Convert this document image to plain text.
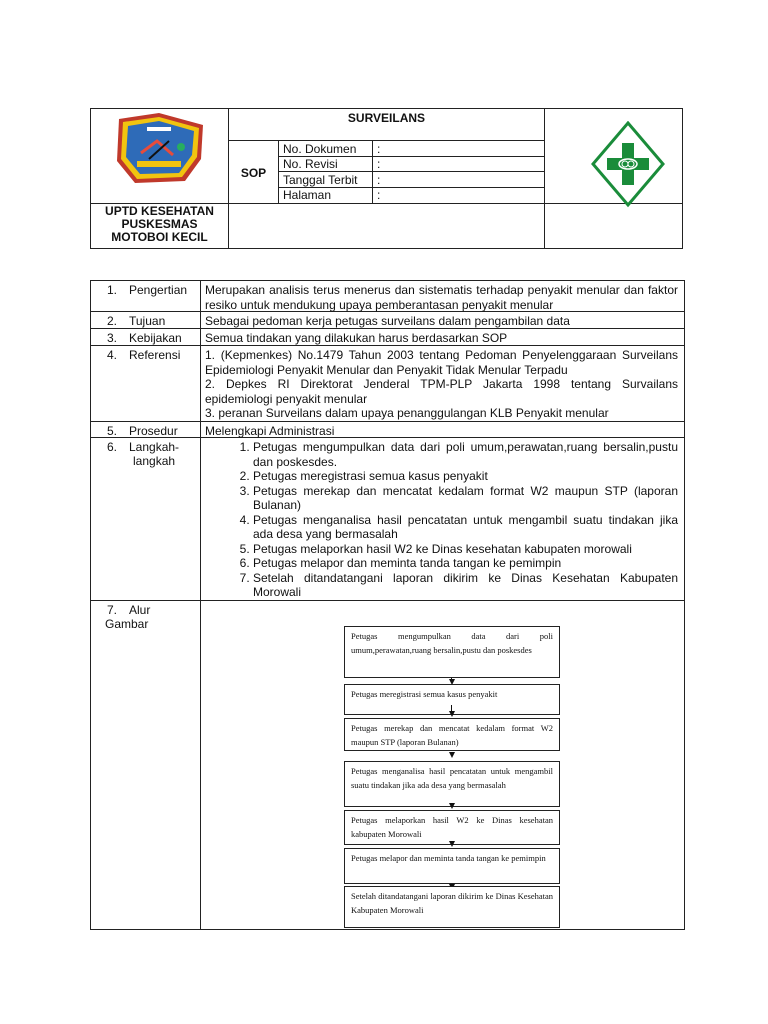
UPTD KESEHATAN
PUSKESMAS
MOTOBOI KECIL
SURVEILANS
SOP
No. Dokumen :
No. Revisi	:
Tanggal Terbit :
Halaman	:
1. Pengertian	Merupakan analisis terus menerus dan sistematis terhadap penyakit menular dan faktor resiko untuk mendukung upaya pemberantasan penyakit menular
2. Tujuan	Sebagai pedoman kerja petugas surveilans dalam pengambilan data
3. Kebijakan	Semua tindakan yang dilakukan harus berdasarkan SOP
4. Referensi	1. (Kepmenkes) No.1479 Tahun 2003 tentang Pedoman Penyelenggaraan Surveilans Epidemiologi Penyakit Menular dan Penyakit Tidak Menular Terpadu
2. Depkes RI Direktorat Jenderal TPM-PLP Jakarta 1998 tentang Survailans epidemiologi penyakit menular
3. peranan Surveilans dalam upaya penanggulangan KLB Penyakit menular
5. Prosedur	Melengkapi Administrasi
6. Langkah-
langkah
1. Petugas mengumpulkan data dari poli umum,perawatan,ruang bersalin,pustu dan poskesdes.
2. Petugas meregistrasi semua kasus penyakit
3. Petugas merekap dan mencatat kedalam format W2 maupun STP (laporan Bulanan)
4. Petugas menganalisa hasil pencatatan untuk mengambil suatu tindakan jika ada desa yang bermasalah
5. Petugas melaporkan hasil W2 ke Dinas kesehatan kabupaten morowali
6. Petugas melapor dan meminta tanda tangan ke pemimpin
7. Setelah ditandatangani laporan dikirim ke Dinas Kesehatan Kabupaten Morowali
7. Alur
Gambar
Petugas mengumpulkan data dari poli umum,perawatan,ruang bersalin,pustu dan poskesdes
Petugas meregistrasi semua kasus penyakit
Petugas merekap dan mencatat kedalam format W2 maupun STP (laporan Bulanan)
Petugas menganalisa hasil pencatatan untuk mengambil suatu tindakan jika ada desa yang bermasalah
Petugas melaporkan hasil W2 ke Dinas kesehatan kabupaten Morowali
Petugas melapor dan meminta tanda tangan ke pemimpin
Setelah ditandatangani laporan dikirim ke Dinas Kesehatan Kabupaten Morowali
